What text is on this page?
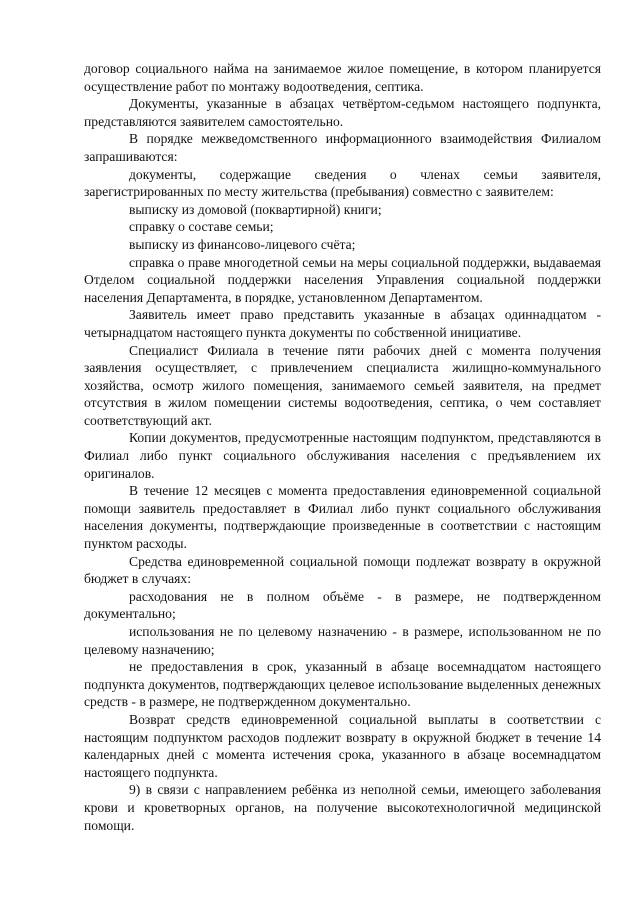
договор социального найма на занимаемое жилое помещение, в котором планируется осуществление работ по монтажу водоотведения, септика.

Документы, указанные в абзацах четвёртом-седьмом настоящего подпункта, представляются заявителем самостоятельно.

В порядке межведомственного информационного взаимодействия Филиалом запрашиваются:

документы, содержащие сведения о членах семьи заявителя, зарегистрированных по месту жительства (пребывания) совместно с заявителем:

выписку из домовой (поквартирной) книги;

справку о составе семьи;

выписку из финансово-лицевого счёта;

справка о праве многодетной семьи на меры социальной поддержки, выдаваемая Отделом социальной поддержки населения Управления социальной поддержки населения Департамента, в порядке, установленном Департаментом.

Заявитель имеет право представить указанные в абзацах одиннадцатом - четырнадцатом настоящего пункта документы по собственной инициативе.

Специалист Филиала в течение пяти рабочих дней с момента получения заявления осуществляет, с привлечением специалиста жилищно-коммунального хозяйства, осмотр жилого помещения, занимаемого семьей заявителя, на предмет отсутствия в жилом помещении системы водоотведения, септика, о чем составляет соответствующий акт.

Копии документов, предусмотренные настоящим подпунктом, представляются в Филиал либо пункт социального обслуживания населения с предъявлением их оригиналов.

В течение 12 месяцев с момента предоставления единовременной социальной помощи заявитель предоставляет в Филиал либо пункт социального обслуживания населения документы, подтверждающие произведенные в соответствии с настоящим пунктом расходы.

Средства единовременной социальной помощи подлежат возврату в окружной бюджет в случаях:

расходования не в полном объёме - в размере, не подтвержденном документально;

использования не по целевому назначению - в размере, использованном не по целевому назначению;

не предоставления в срок, указанный в абзаце восемнадцатом настоящего подпункта документов, подтверждающих целевое использование выделенных денежных средств - в размере, не подтвержденном документально.

Возврат средств единовременной социальной выплаты в соответствии с настоящим подпунктом расходов подлежит возврату в окружной бюджет в течение 14 календарных дней с момента истечения срока, указанного в абзаце восемнадцатом настоящего подпункта.

9) в связи с направлением ребёнка из неполной семьи, имеющего заболевания крови и кроветворных органов, на получение высокотехнологичной медицинской помощи.
